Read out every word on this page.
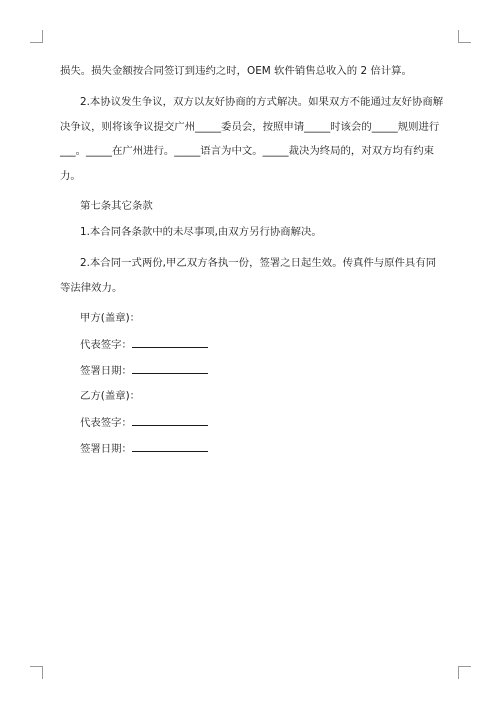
损失。损失金额按合同签订到违约之时，OEM 软件销售总收入的 2 倍计算。

2.本协议发生争议，双方以友好协商的方式解决。如果双方不能通过友好协商解决争议，则将该争议提交广州_____委员会，按照申请_____时该会的_____规则进行___。_____在广州进行。_____语言为中文。_____裁决为终局的，对双方均有约束力。

第七条其它条款

1.本合同各条款中的未尽事项,由双方另行协商解决。

2.本合同一式两份,甲乙双方各执一份，签署之日起生效。传真件与原件具有同等法律效力。

甲方(盖章)：
代表签字：
签署日期：
乙方(盖章)：
代表签字：
签署日期：
